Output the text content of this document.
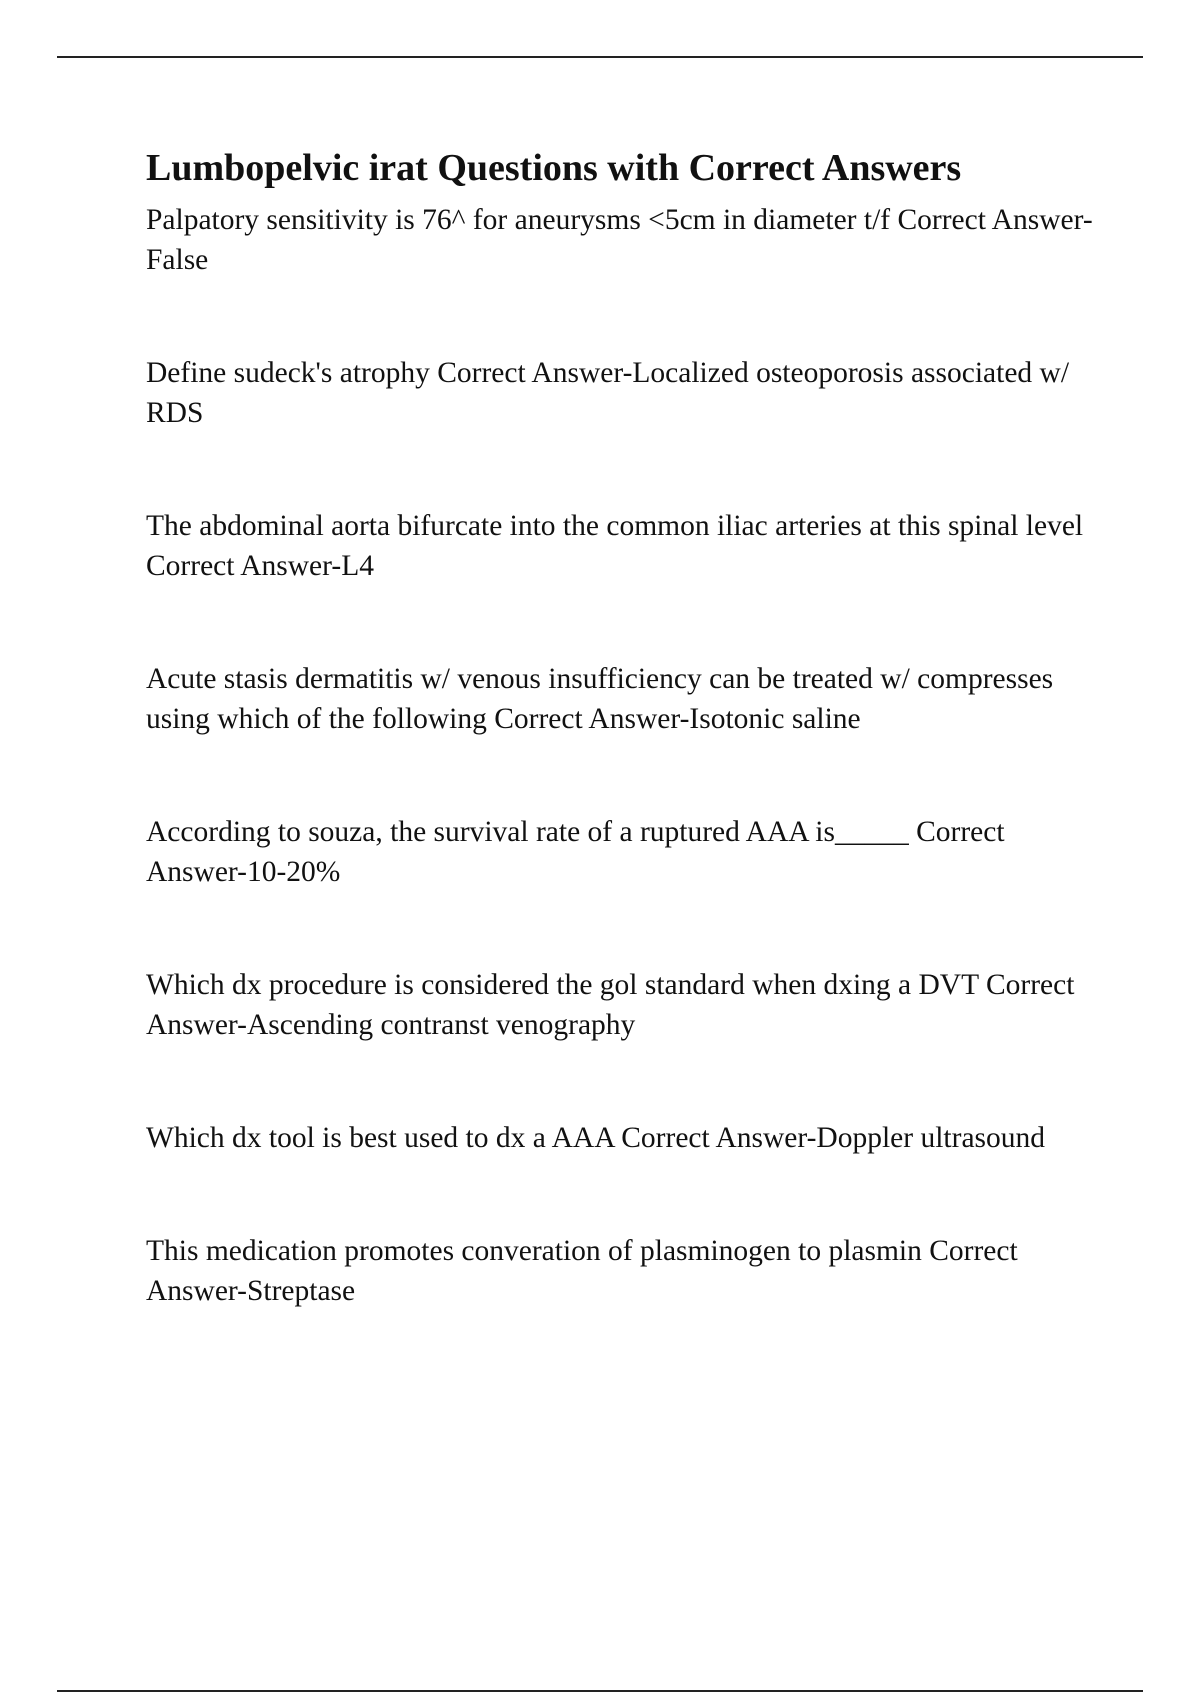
Lumbopelvic irat Questions with Correct Answers

Palpatory sensitivity is 76^ for aneurysms <5cm in diameter t/f Correct Answer-False

Define sudeck's atrophy Correct Answer-Localized osteoporosis associated w/ RDS

The abdominal aorta bifurcate into the common iliac arteries at this spinal level Correct Answer-L4

Acute stasis dermatitis w/ venous insufficiency can be treated w/ compresses using which of the following Correct Answer-Isotonic saline

According to souza, the survival rate of a ruptured AAA is_____ Correct Answer-10-20%

Which dx procedure is considered the gol standard when dxing a DVT Correct Answer-Ascending contranst venography

Which dx tool is best used to dx a AAA Correct Answer-Doppler ultrasound

This medication promotes converation of plasminogen to plasmin Correct Answer-Streptase
